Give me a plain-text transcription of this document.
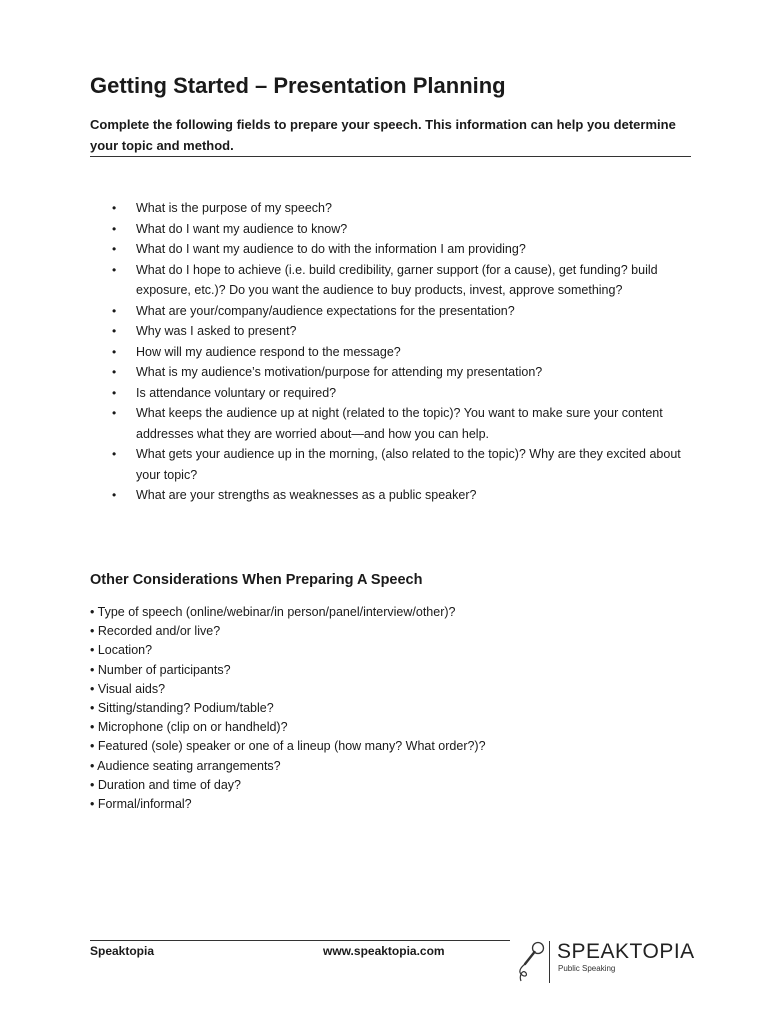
Getting Started – Presentation Planning

Complete the following fields to prepare your speech. This information can help you determine your topic and method.

• What is the purpose of my speech?
• What do I want my audience to know?
• What do I want my audience to do with the information I am providing?
• What do I hope to achieve (i.e. build credibility, garner support (for a cause), get funding? build exposure, etc.)? Do you want the audience to buy products, invest, approve something?
• What are your/company/audience expectations for the presentation?
• Why was I asked to present?
• How will my audience respond to the message?
• What is my audience’s motivation/purpose for attending my presentation?
• Is attendance voluntary or required?
• What keeps the audience up at night (related to the topic)? You want to make sure your content addresses what they are worried about—and how you can help.
• What gets your audience up in the morning, (also related to the topic)? Why are they excited about your topic?
• What are your strengths as weaknesses as a public speaker?
Other Considerations When Preparing A Speech
• Type of speech (online/webinar/in person/panel/interview/other)?
• Recorded and/or live?
• Location?
• Number of participants?
• Visual aids?
• Sitting/standing? Podium/table?
• Microphone (clip on or handheld)?
• Featured (sole) speaker or one of a lineup (how many? What order?)?
• Audience seating arrangements?
• Duration and time of day?
• Formal/informal?
Speaktopia	www.speaktopia.com	SPEAKTOPIA
Public Speaking
